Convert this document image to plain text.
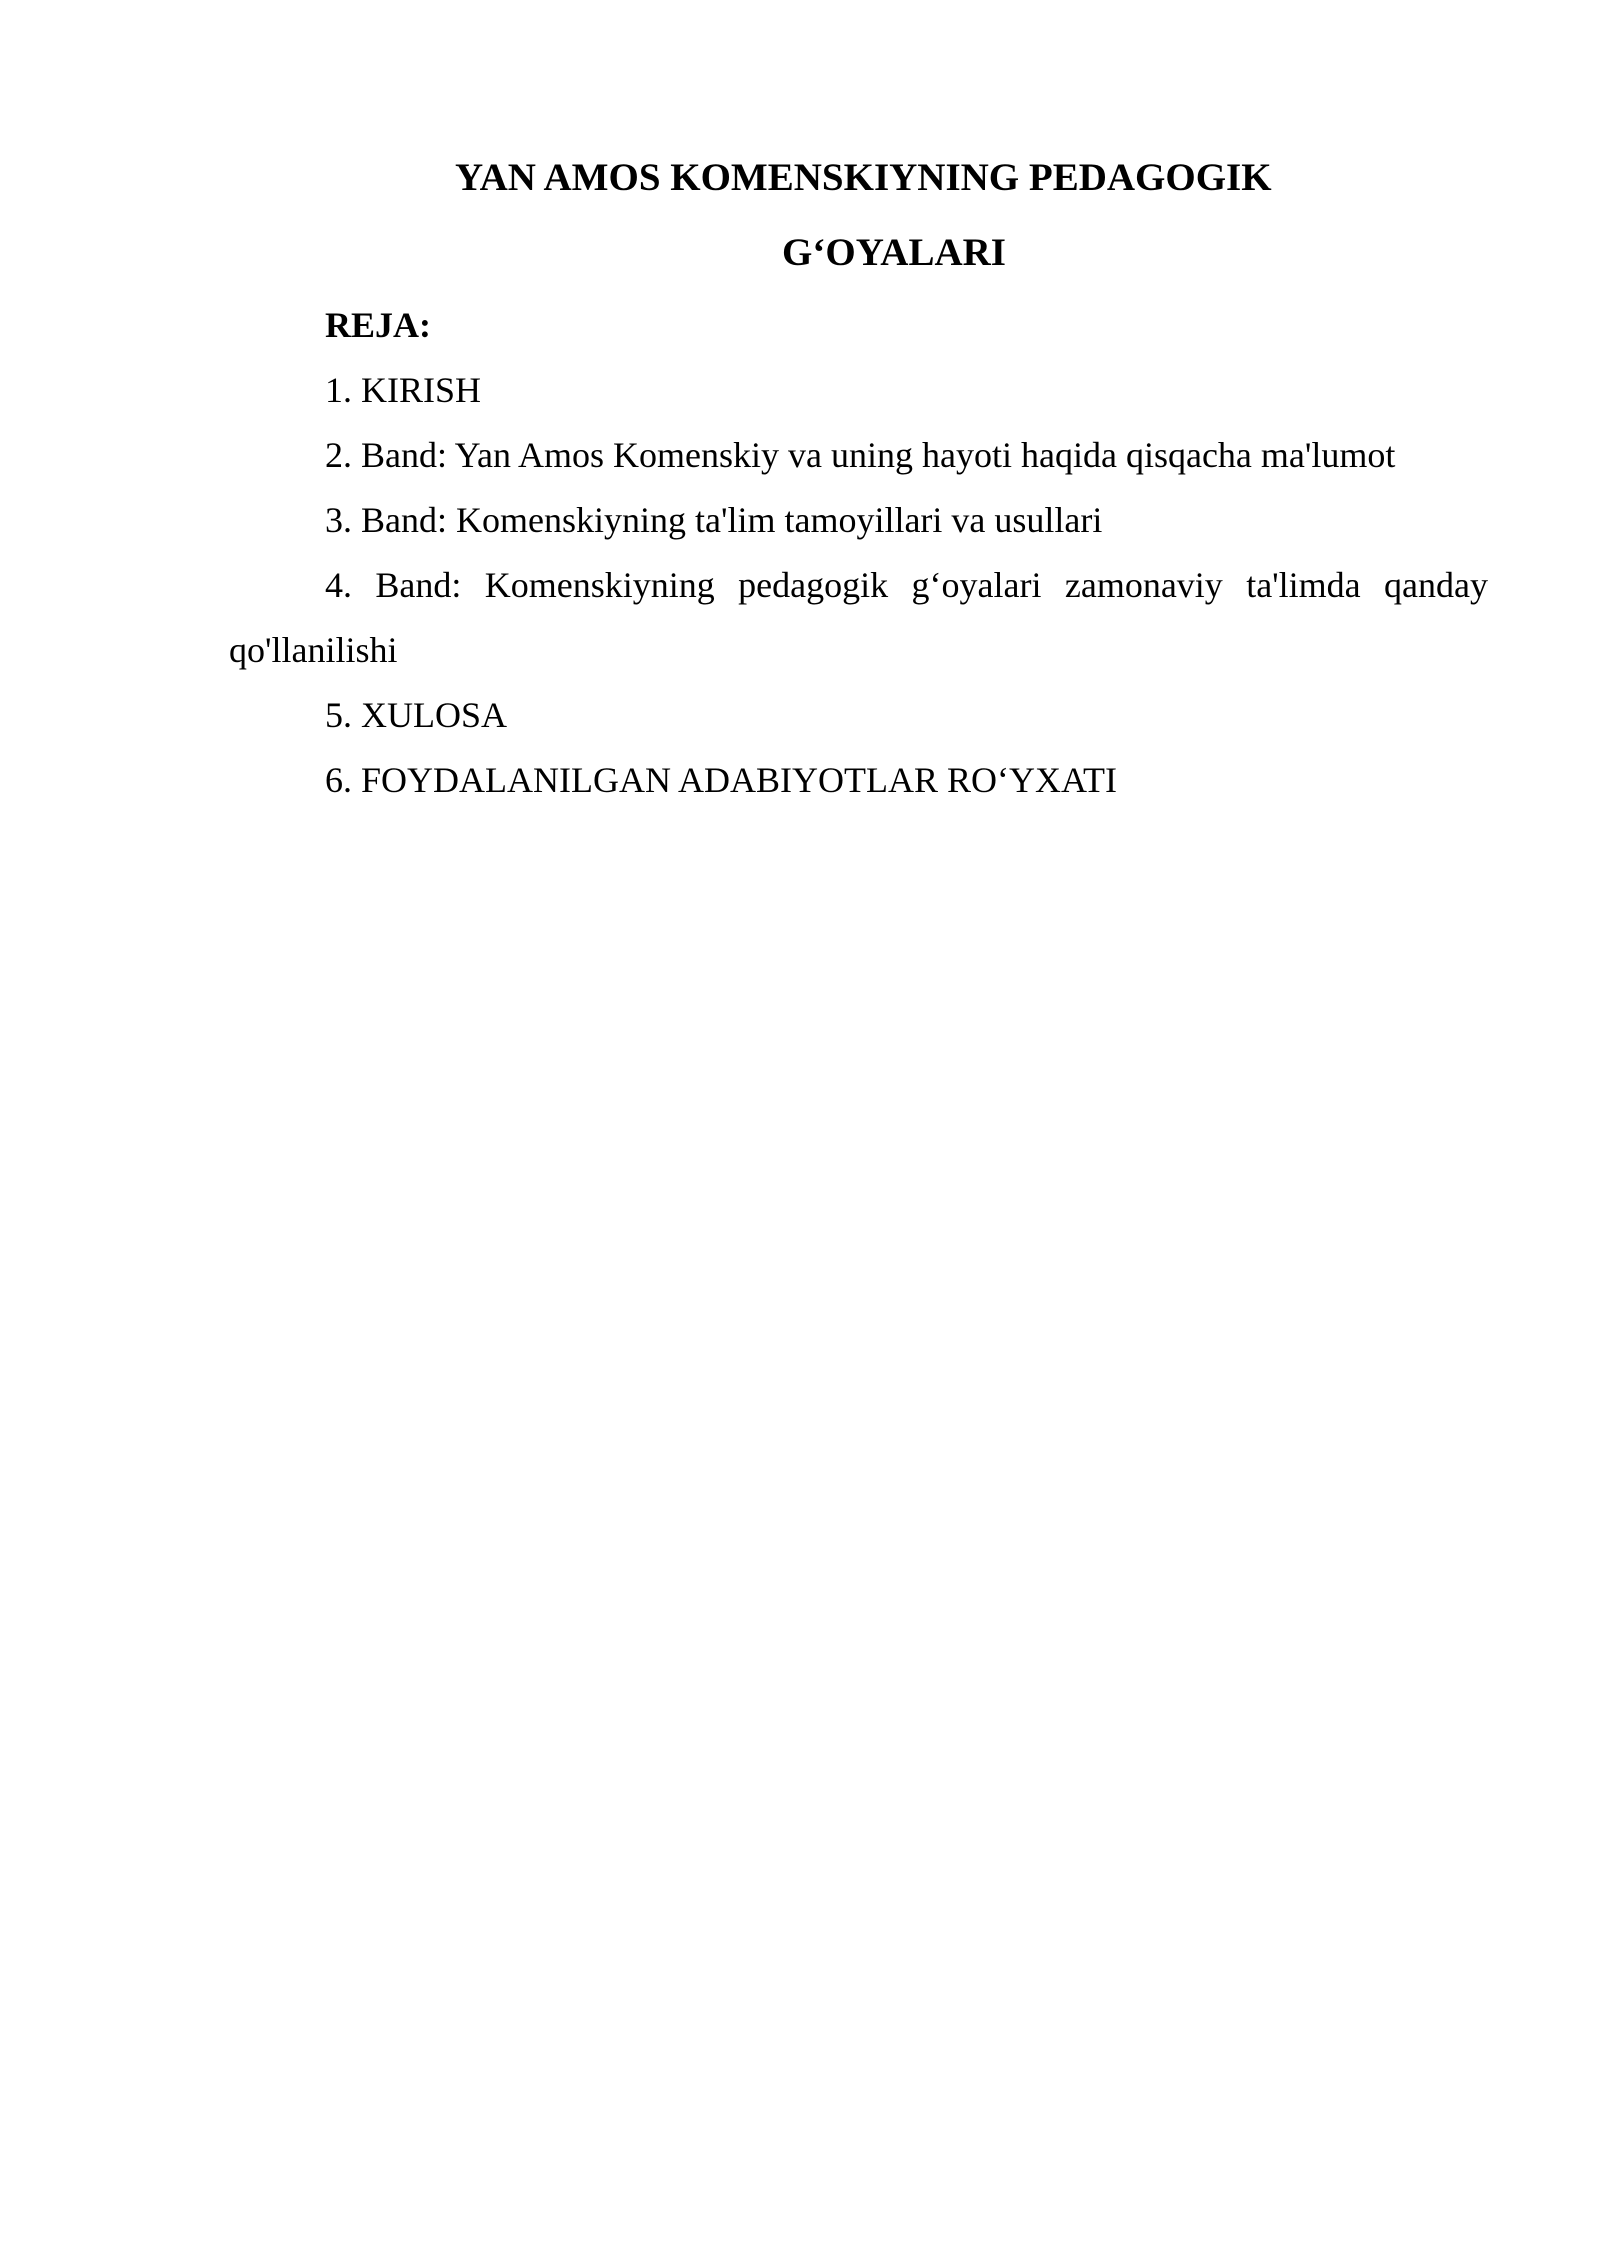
YAN AMOS KOMENSKIYNING PEDAGOGIK
G‘OYALARI
REJA:
1. KIRISH
2. Band: Yan Amos Komenskiy va uning hayoti haqida qisqacha ma'lumot
3. Band: Komenskiyning ta'lim tamoyillari va usullari
4. Band: Komenskiyning pedagogik g‘oyalari zamonaviy ta'limda qanday
qo'llanilishi
5. XULOSA
6. FOYDALANILGAN ADABIYOTLAR RO‘YXATI
